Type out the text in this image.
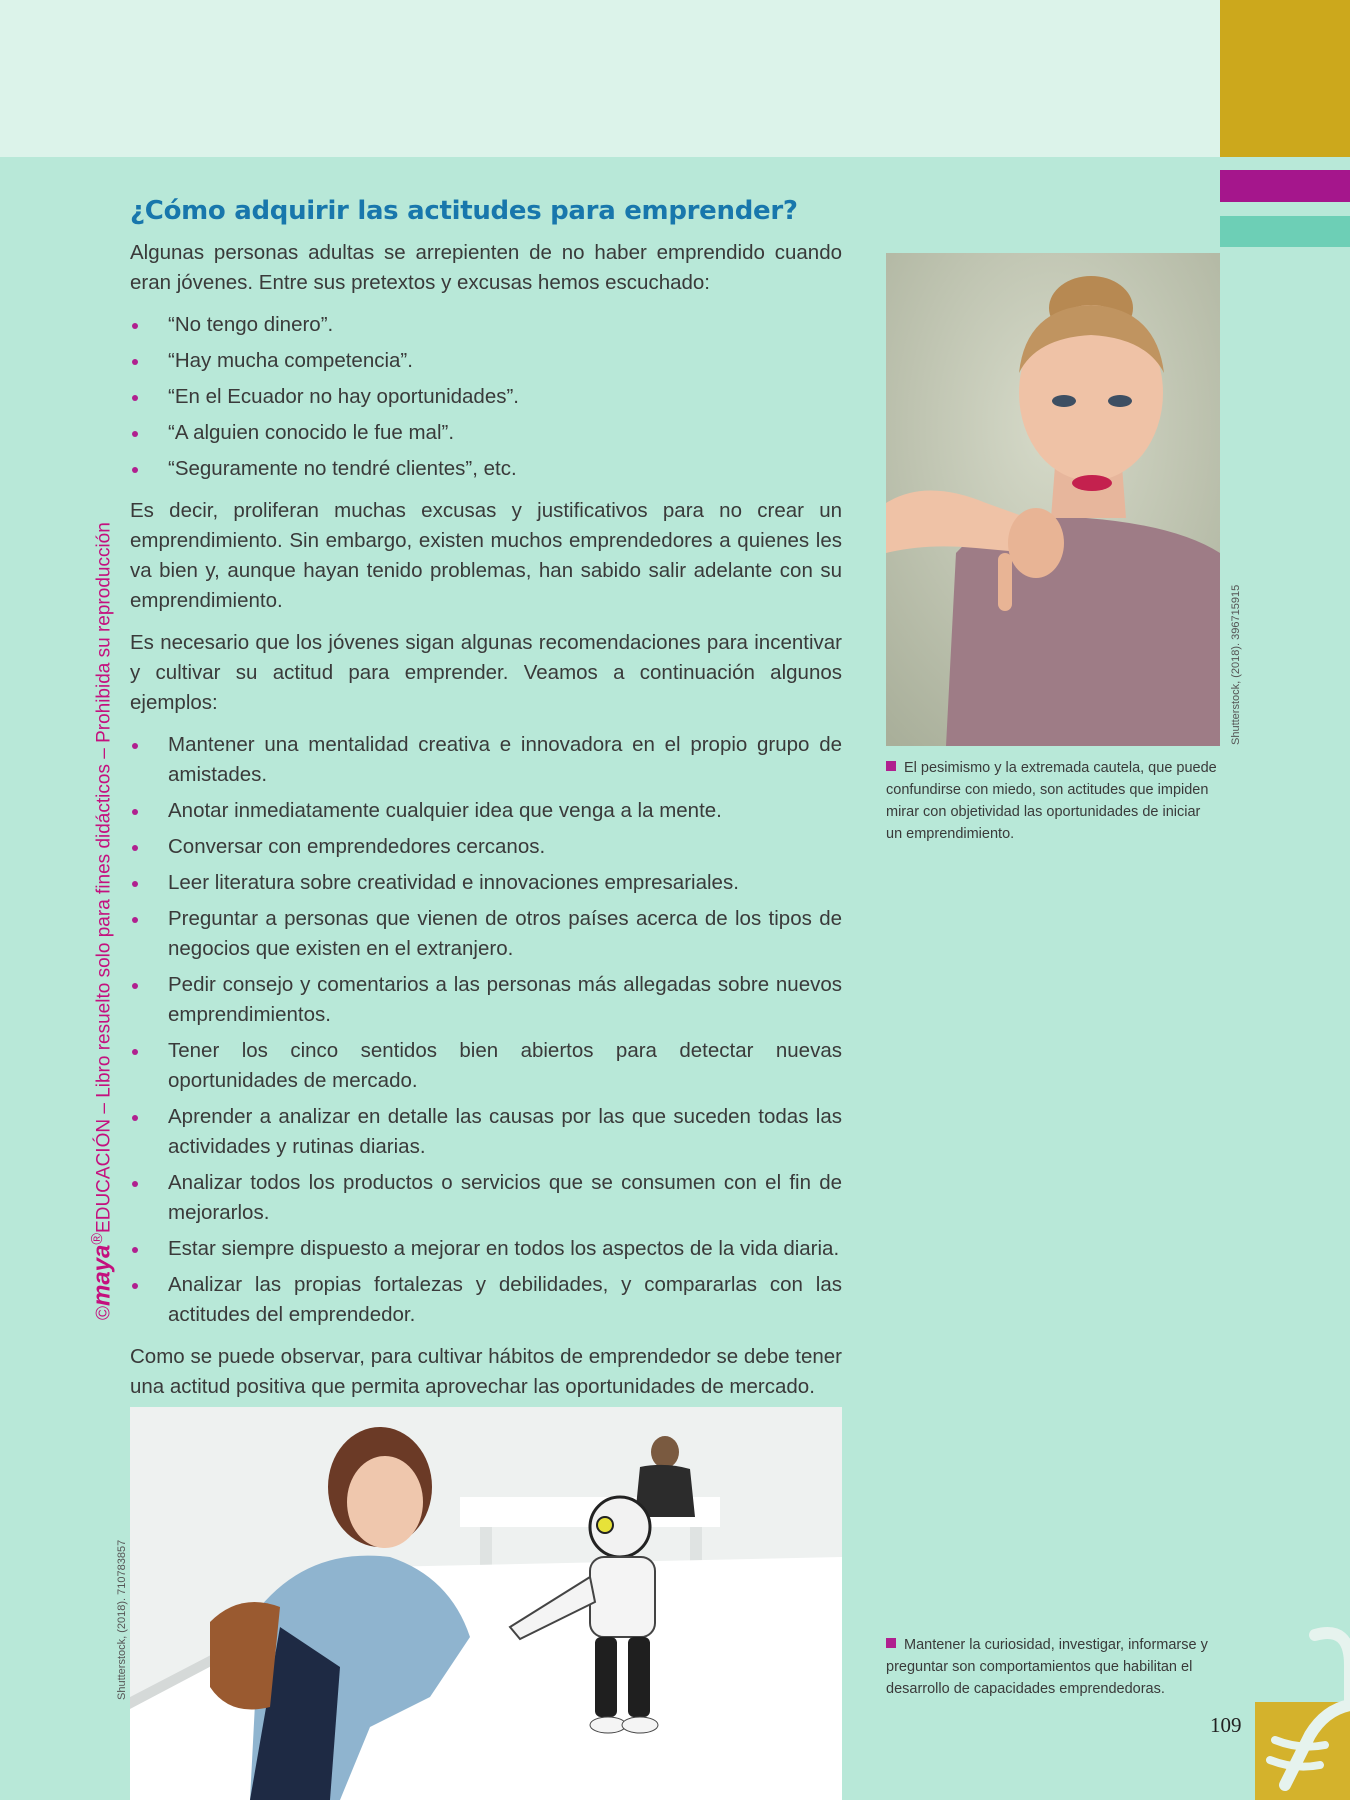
©maya®EDUCACIÓN – Libro resuelto solo para fines didácticos – Prohibida su reproducción
¿Cómo adquirir las actitudes para emprender?

Algunas personas adultas se arrepienten de no haber emprendido cuando eran jóvenes. Entre sus pretextos y excusas hemos escuchado:

“No tengo dinero”.
“Hay mucha competencia”.
“En el Ecuador no hay oportunidades”.
“A alguien conocido le fue mal”.
“Seguramente no tendré clientes”, etc.

Es decir, proliferan muchas excusas y justificativos para no crear un emprendimiento. Sin embargo, existen muchos emprendedores a quienes les va bien y, aunque hayan tenido problemas, han sabido salir adelante con su emprendimiento.

Es necesario que los jóvenes sigan algunas recomendaciones para incentivar y cultivar su actitud para emprender. Veamos a continuación algunos ejemplos:

Mantener una mentalidad creativa e innovadora en el propio grupo de amistades.
Anotar inmediatamente cualquier idea que venga a la mente.
Conversar con emprendedores cercanos.
Leer literatura sobre creatividad e innovaciones empresariales.
Preguntar a personas que vienen de otros países acerca de los tipos de negocios que existen en el extranjero.
Pedir consejo y comentarios a las personas más allegadas sobre nuevos emprendimientos.
Tener los cinco sentidos bien abiertos para detectar nuevas oportunidades de mercado.
Aprender a analizar en detalle las causas por las que suceden todas las actividades y rutinas diarias.
Analizar todos los productos o servicios que se consumen con el fin de mejorarlos.
Estar siempre dispuesto a mejorar en todos los aspectos de la vida diaria.
Analizar las propias fortalezas y debilidades, y compararlas con las actitudes del emprendedor.

Como se puede observar, para cultivar hábitos de emprendedor se debe tener una actitud positiva que permita aprovechar las oportunidades de mercado.

Shutterstock, (2018). 396715915
El pesimismo y la extremada cautela, que puede confundirse con miedo, son actitudes que impiden mirar con objetividad las oportunidades de iniciar un emprendimiento.
Shutterstock, (2018). 710783857	Mantener la curiosidad, investigar, informarse y preguntar son comportamientos que habilitan el desarrollo de capacidades emprendedoras.
109
